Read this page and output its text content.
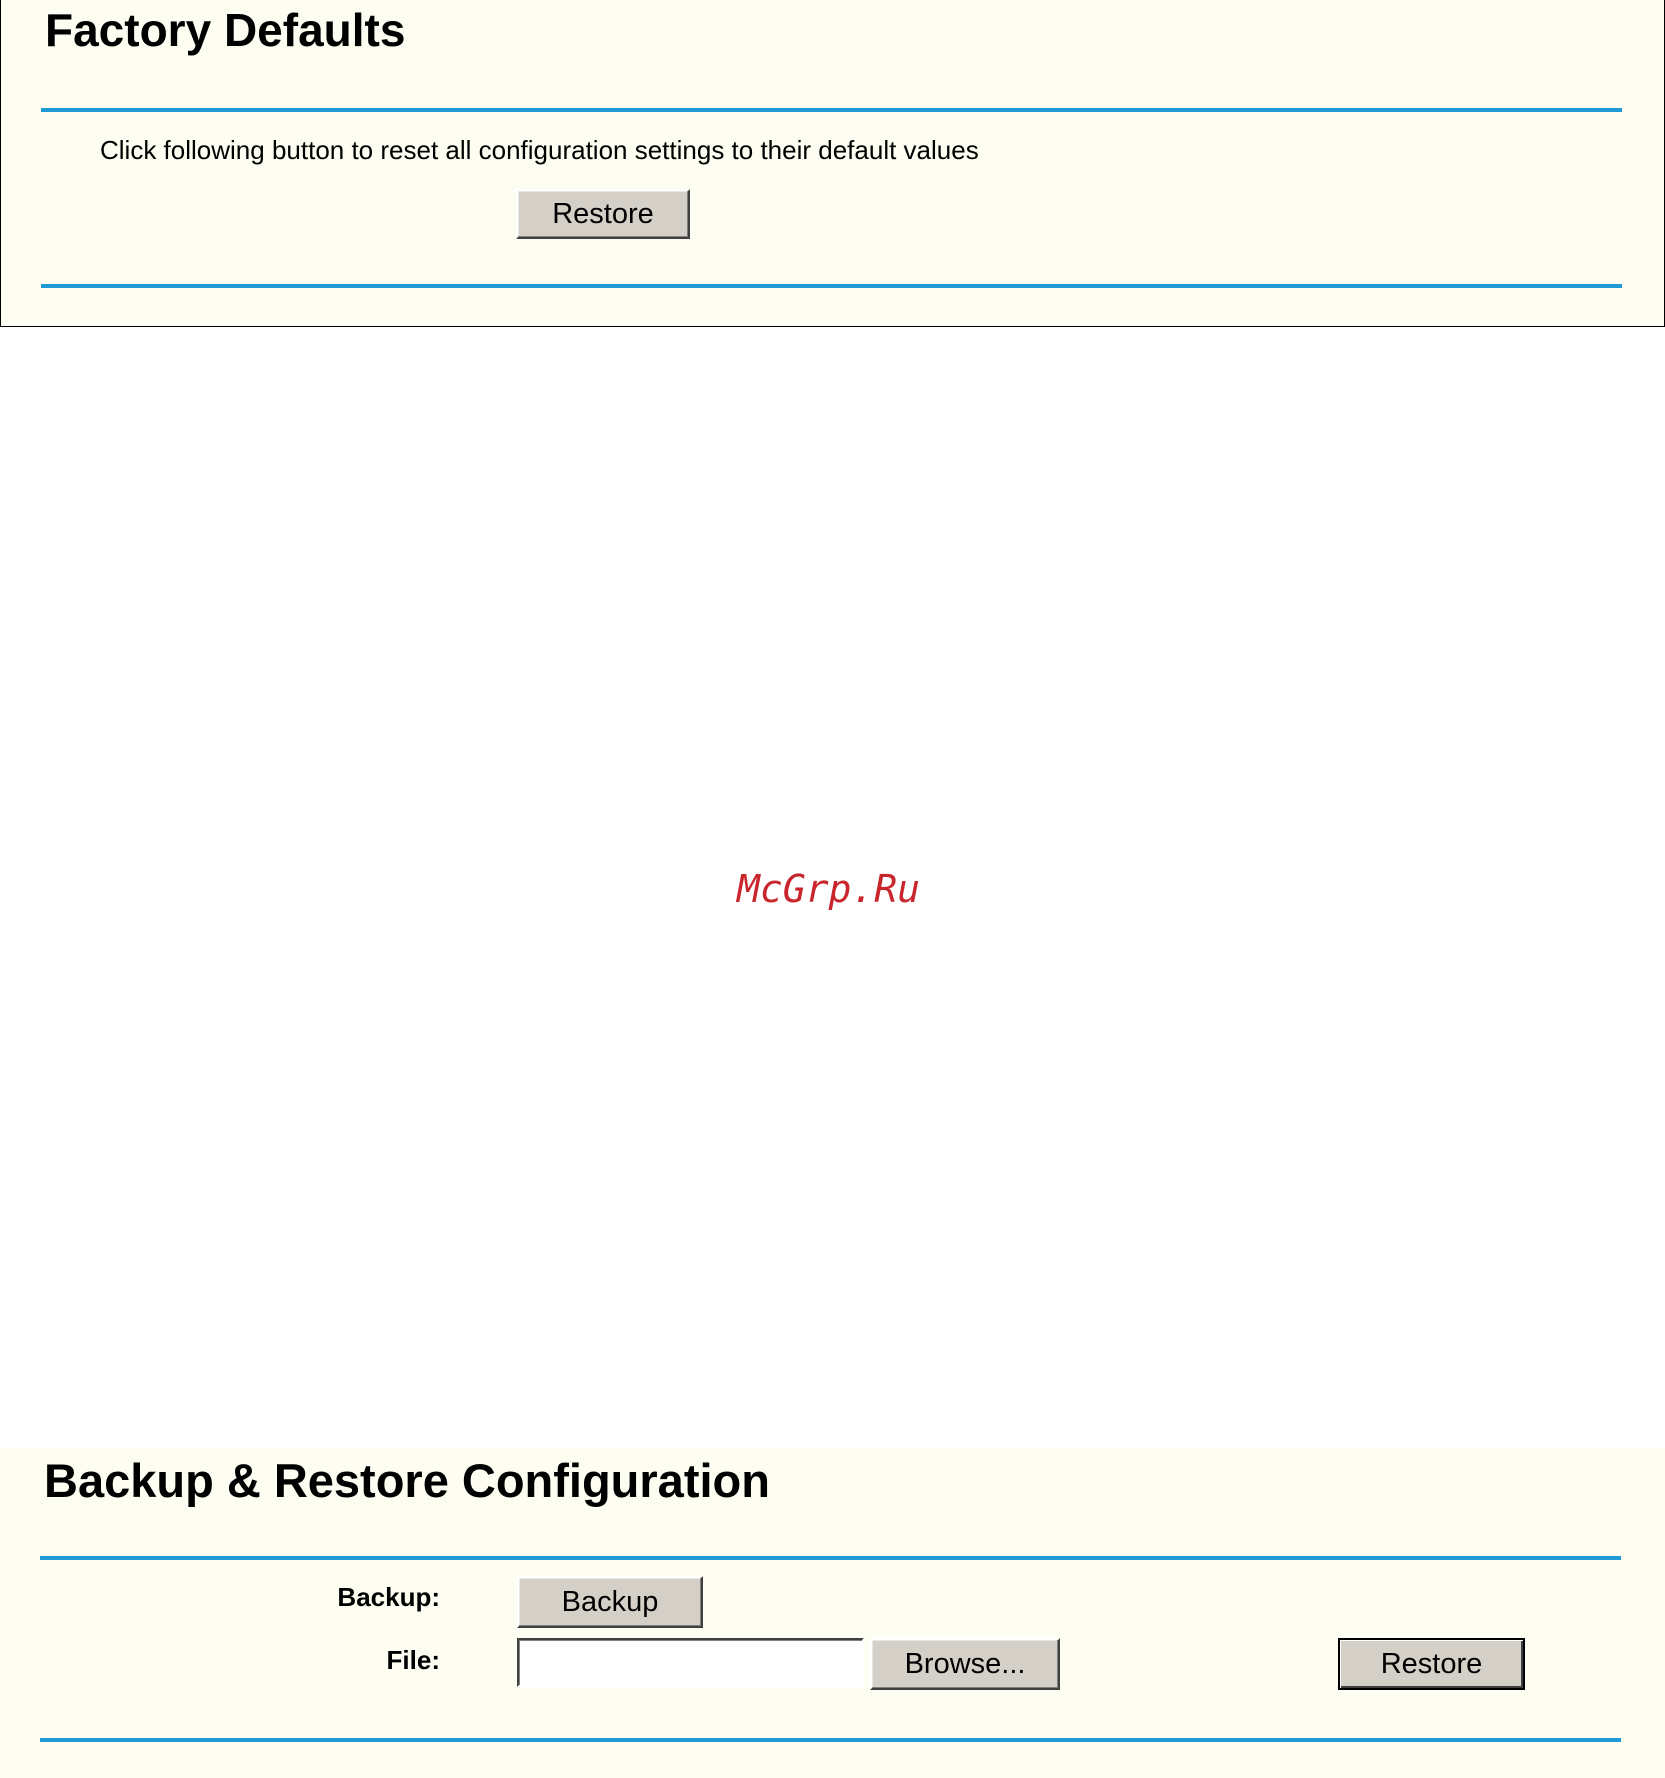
Factory Defaults
Click following button to reset all configuration settings to their default values
Restore
McGrp.Ru
Backup & Restore Configuration
Backup:	Backup
File:	Browse...	Restore
